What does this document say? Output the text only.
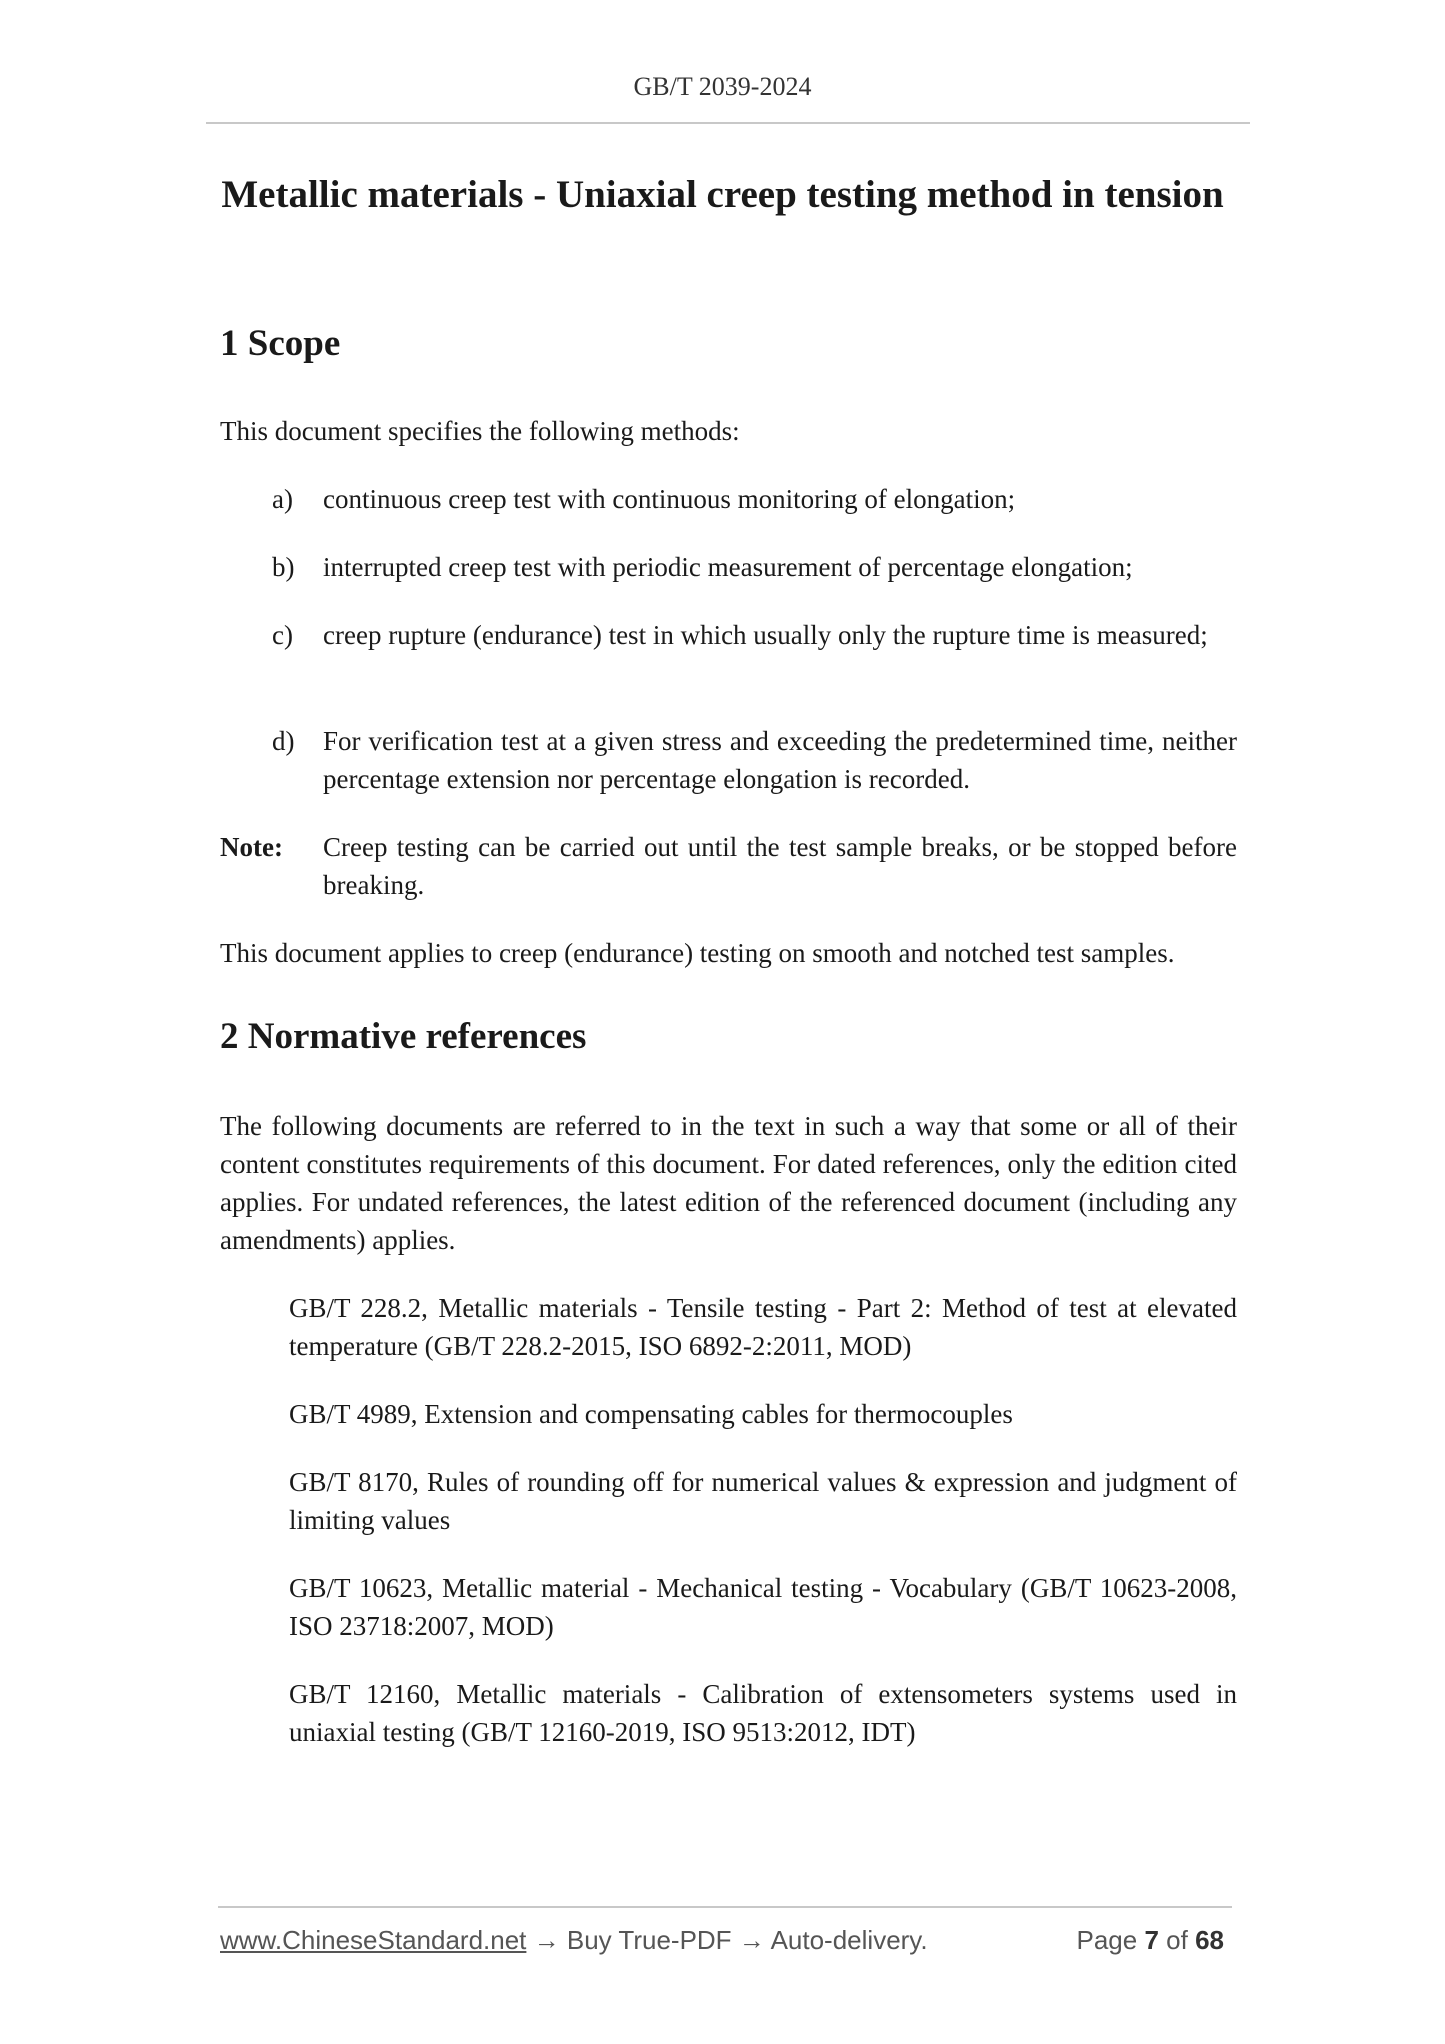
GB/T 2039-2024
Metallic materials - Uniaxial creep testing method in tension
1 Scope

This document specifies the following methods:

a)	continuous creep test with continuous monitoring of elongation;
b)	interrupted creep test with periodic measurement of percentage elongation;
c)	creep rupture (endurance) test in which usually only the rupture time is measured;
d)	For verification test at a given stress and exceeding the predetermined time, neither percentage extension nor percentage elongation is recorded.
Note: Creep testing can be carried out until the test sample breaks, or be stopped before breaking.

This document applies to creep (endurance) testing on smooth and notched test samples.

2 Normative references

The following documents are referred to in the text in such a way that some or all of their content constitutes requirements of this document. For dated references, only the edition cited applies. For undated references, the latest edition of the referenced document (including any amendments) applies.

GB/T 228.2, Metallic materials - Tensile testing - Part 2: Method of test at elevated temperature (GB/T 228.2-2015, ISO 6892-2:2011, MOD)
GB/T 4989, Extension and compensating cables for thermocouples
GB/T 8170, Rules of rounding off for numerical values & expression and judgment of limiting values
GB/T 10623, Metallic material - Mechanical testing - Vocabulary (GB/T 10623-2008, ISO 23718:2007, MOD)
GB/T 12160, Metallic materials - Calibration of extensometers systems used in uniaxial testing (GB/T 12160-2019, ISO 9513:2012, IDT)
www.ChineseStandard.net → Buy True-PDF → Auto-delivery.	Page 7 of 68
